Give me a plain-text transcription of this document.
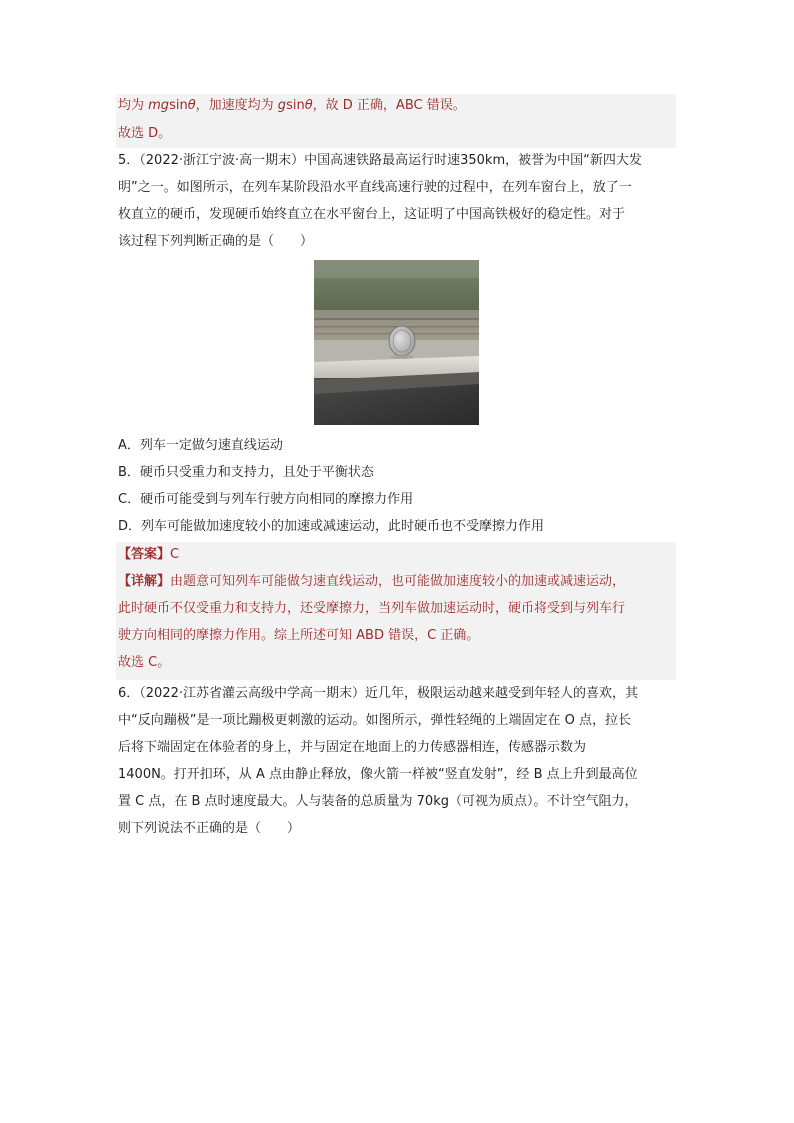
均为 mgsinθ，加速度均为 gsinθ，故 D 正确，ABC 错误。
故选 D。
5．（2022·浙江宁波·高一期末）中国高速铁路最高运行时速350km，被誉为中国“新四大发
明”之一。如图所示，在列车某阶段沿水平直线高速行驶的过程中，在列车窗台上，放了一
枚直立的硬币，发现硬币始终直立在水平窗台上，这证明了中国高铁极好的稳定性。对于
该过程下列判断正确的是（　　）
A．列车一定做匀速直线运动
B．硬币只受重力和支持力，且处于平衡状态
C．硬币可能受到与列车行驶方向相同的摩擦力作用
D．列车可能做加速度较小的加速或减速运动，此时硬币也不受摩擦力作用
【答案】C
【详解】由题意可知列车可能做匀速直线运动，也可能做加速度较小的加速或减速运动，
此时硬币不仅受重力和支持力，还受摩擦力，当列车做加速运动时，硬币将受到与列车行
驶方向相同的摩擦力作用。综上所述可知 ABD 错误，C 正确。
故选 C。
6．（2022·江苏省灌云高级中学高一期末）近几年，极限运动越来越受到年轻人的喜欢，其
中“反向蹦极”是一项比蹦极更刺激的运动。如图所示，弹性轻绳的上端固定在 O 点，拉长
后将下端固定在体验者的身上，并与固定在地面上的力传感器相连，传感器示数为
1400N。打开扣环，从 A 点由静止释放，像火箭一样被“竖直发射”，经 B 点上升到最高位
置 C 点，在 B 点时速度最大。人与装备的总质量为 70kg（可视为质点）。不计空气阻力，
则下列说法不正确的是（　　）
